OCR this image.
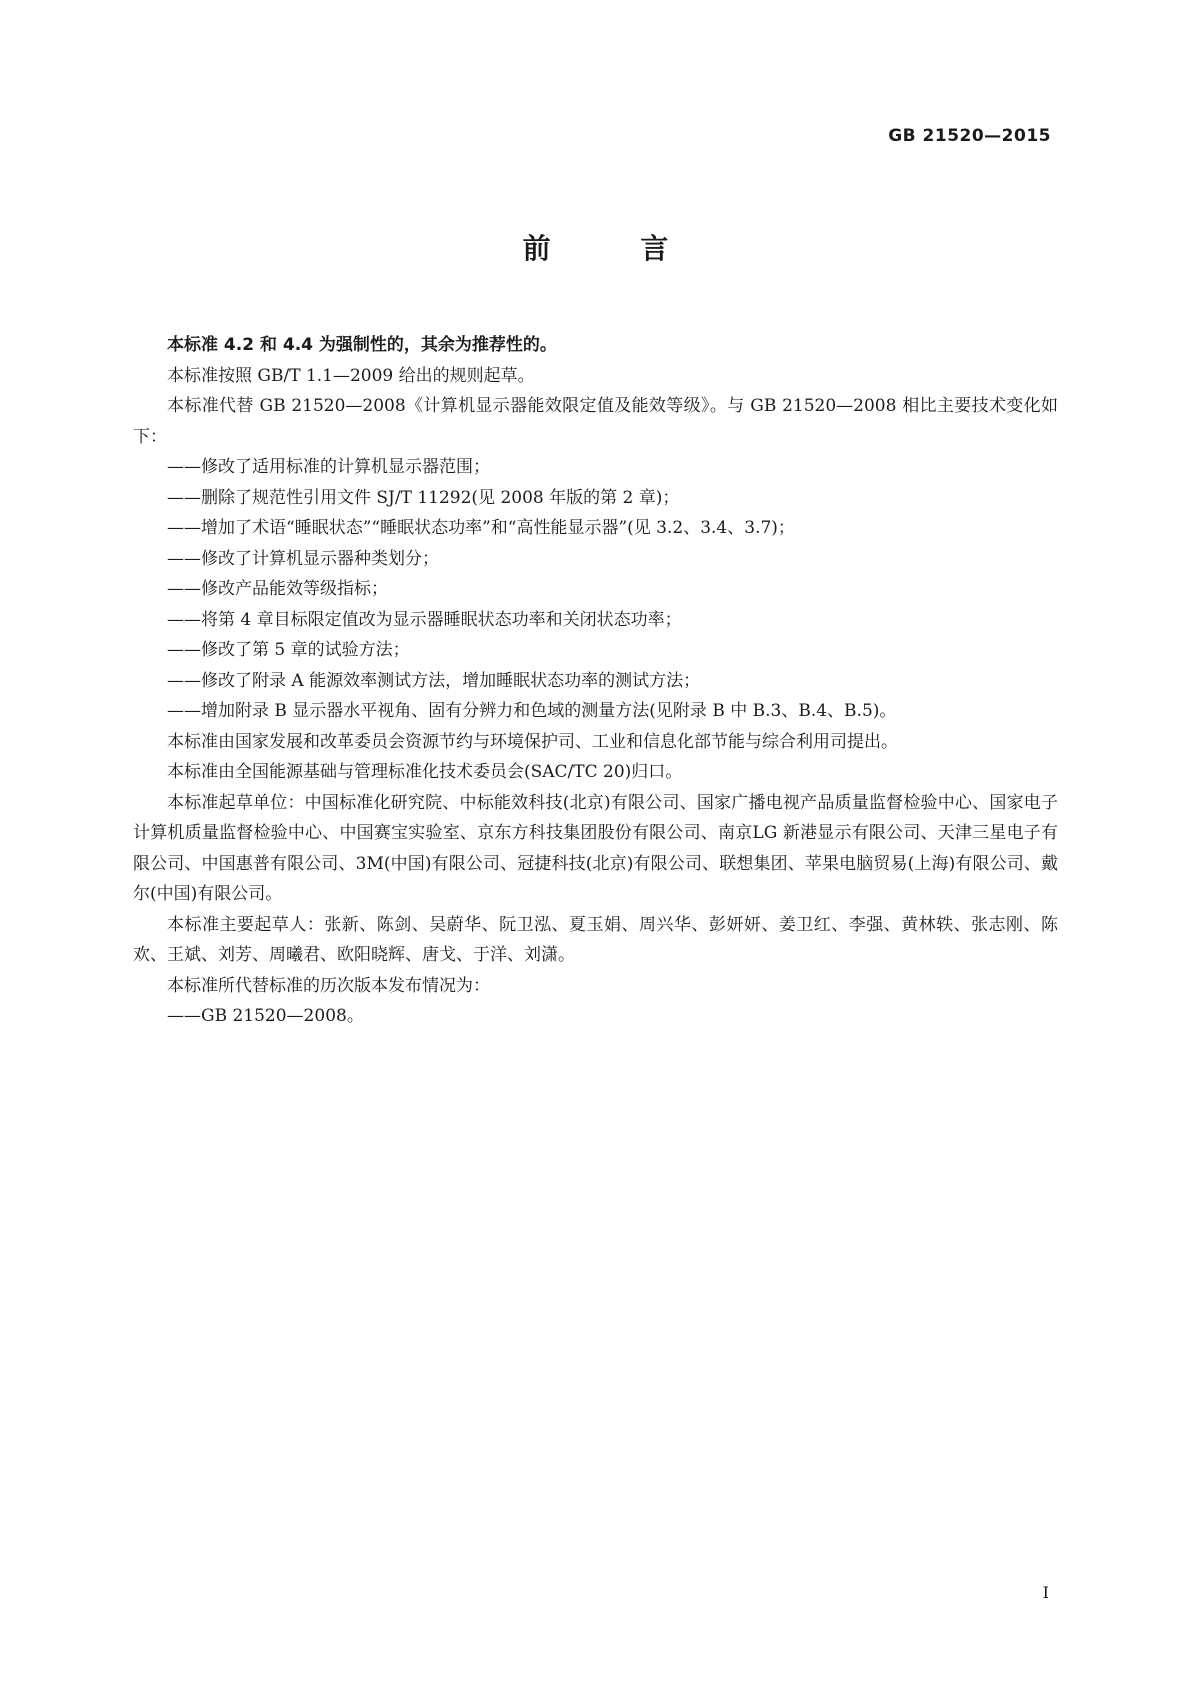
GB 21520—2015
前 言

本标准 4.2 和 4.4 为强制性的，其余为推荐性的。

本标准按照 GB/T 1.1—2009 给出的规则起草。

本标准代替 GB 21520—2008《计算机显示器能效限定值及能效等级》。与 GB 21520—2008 相比主要技术变化如下：

——修改了适用标准的计算机显示器范围；
——删除了规范性引用文件 SJ/T 11292(见 2008 年版的第 2 章)；
——增加了术语“睡眠状态”“睡眠状态功率”和“高性能显示器”(见 3.2、3.4、3.7)；
——修改了计算机显示器种类划分；
——修改产品能效等级指标；
——将第 4 章目标限定值改为显示器睡眠状态功率和关闭状态功率；
——修改了第 5 章的试验方法；
——修改了附录 A 能源效率测试方法，增加睡眠状态功率的测试方法；
——增加附录 B 显示器水平视角、固有分辨力和色域的测量方法(见附录 B 中 B.3、B.4、B.5)。

本标准由国家发展和改革委员会资源节约与环境保护司、工业和信息化部节能与综合利用司提出。

本标准由全国能源基础与管理标准化技术委员会(SAC/TC 20)归口。

本标准起草单位：中国标准化研究院、中标能效科技(北京)有限公司、国家广播电视产品质量监督检验中心、国家电子计算机质量监督检验中心、中国赛宝实验室、京东方科技集团股份有限公司、南京LG 新港显示有限公司、天津三星电子有限公司、中国惠普有限公司、3M(中国)有限公司、冠捷科技(北京)有限公司、联想集团、苹果电脑贸易(上海)有限公司、戴尔(中国)有限公司。

本标准主要起草人：张新、陈剑、吴蔚华、阮卫泓、夏玉娟、周兴华、彭妍妍、姜卫红、李强、黄林轶、张志刚、陈欢、王斌、刘芳、周曦君、欧阳晓辉、唐戈、于洋、刘潇。

本标准所代替标准的历次版本发布情况为：

——GB 21520—2008。
I
